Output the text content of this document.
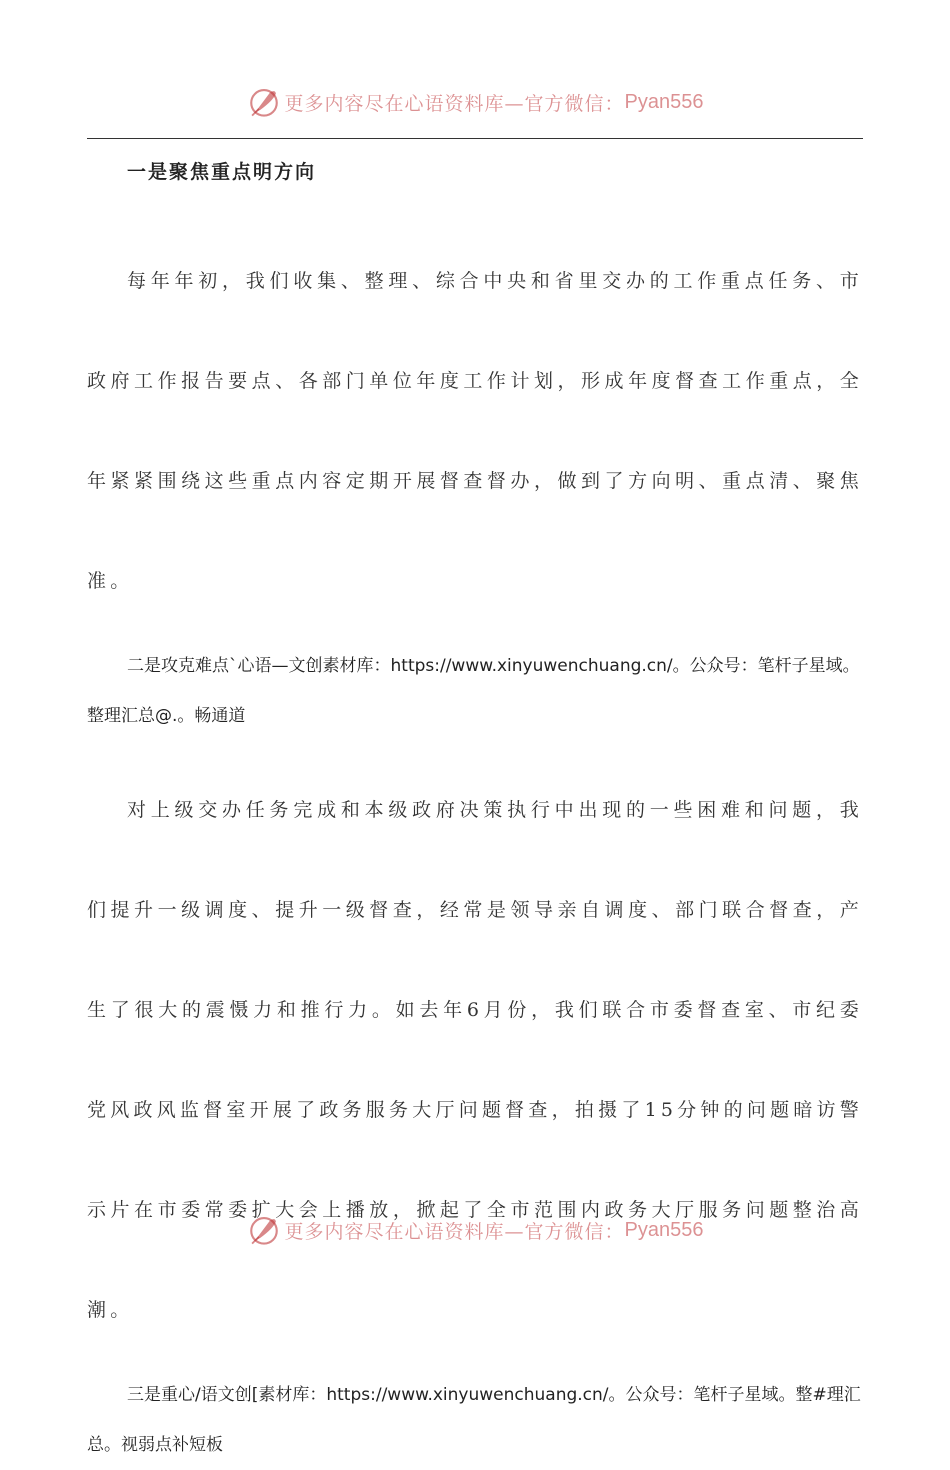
更多内容尽在心语资料库—官方微信： Pyan556

一是聚焦重点明方向

每年年初，我们收集、整理、综合中央和省里交办的工作重点任务、市政府工作报告要点、各部门单位年度工作计划，形成年度督查工作重点，全年紧紧围绕这些重点内容定期开展督查督办，做到了方向明、重点清、聚焦准。

二是攻克难点`心语—文创素材库：https://www.xinyuwenchuang.cn/。公众号：笔杆子星域。整理汇总@.。畅通道

对上级交办任务完成和本级政府决策执行中出现的一些困难和问题，我们提升一级调度、提升一级督查，经常是领导亲自调度、部门联合督查，产生了很大的震慑力和推行力。如去年6月份，我们联合市委督查室、市纪委党风政风监督室开展了政务服务大厅问题督查，拍摄了15分钟的问题暗访警示片在市委常委扩大会上播放，掀起了全市范围内政务大厅服务问题整治高潮。

三是重心/语文创[素材库：https://www.xinyuwenchuang.cn/。公众号：笔杆子星域。整#理汇总。视弱点补短板

更多内容尽在心语资料库—官方微信： Pyan556
